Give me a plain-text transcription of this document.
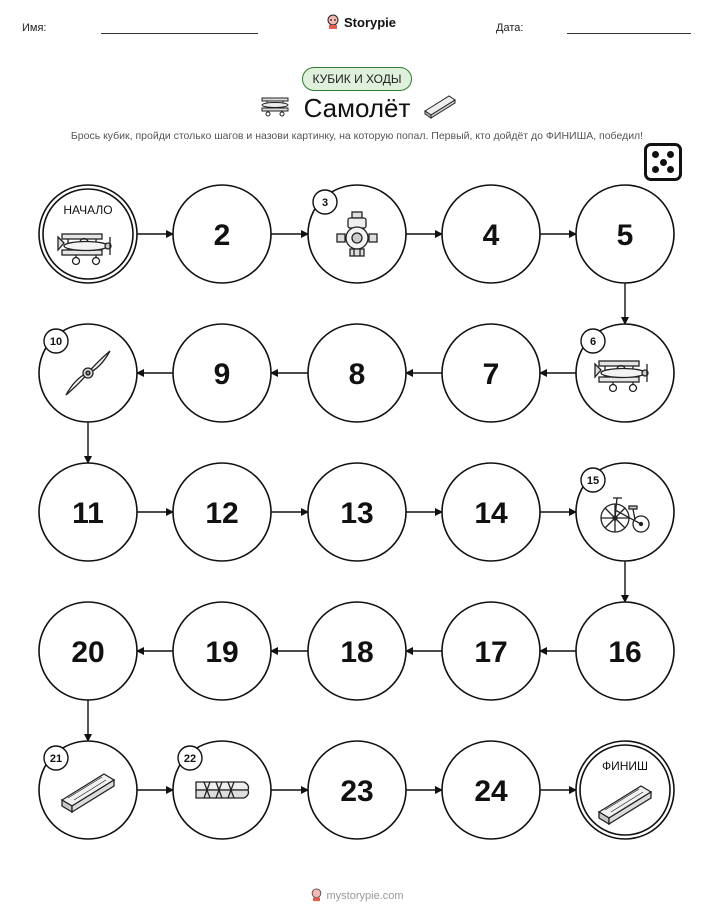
Имя:	Storypie	Дата:
КУБИК И ХОДЫ
Самолёт
Брось кубик, пройди столько шагов и назови картинку, на которую попал. Первый, кто дойдёт до ФИНИША, победил!
НАЧАЛО
2
3
4	5
6
7
8
9
10
11	12	13	14
15
16
17
18
19
20
21	22
23	24
ФИНИШ
mystorypie.com
